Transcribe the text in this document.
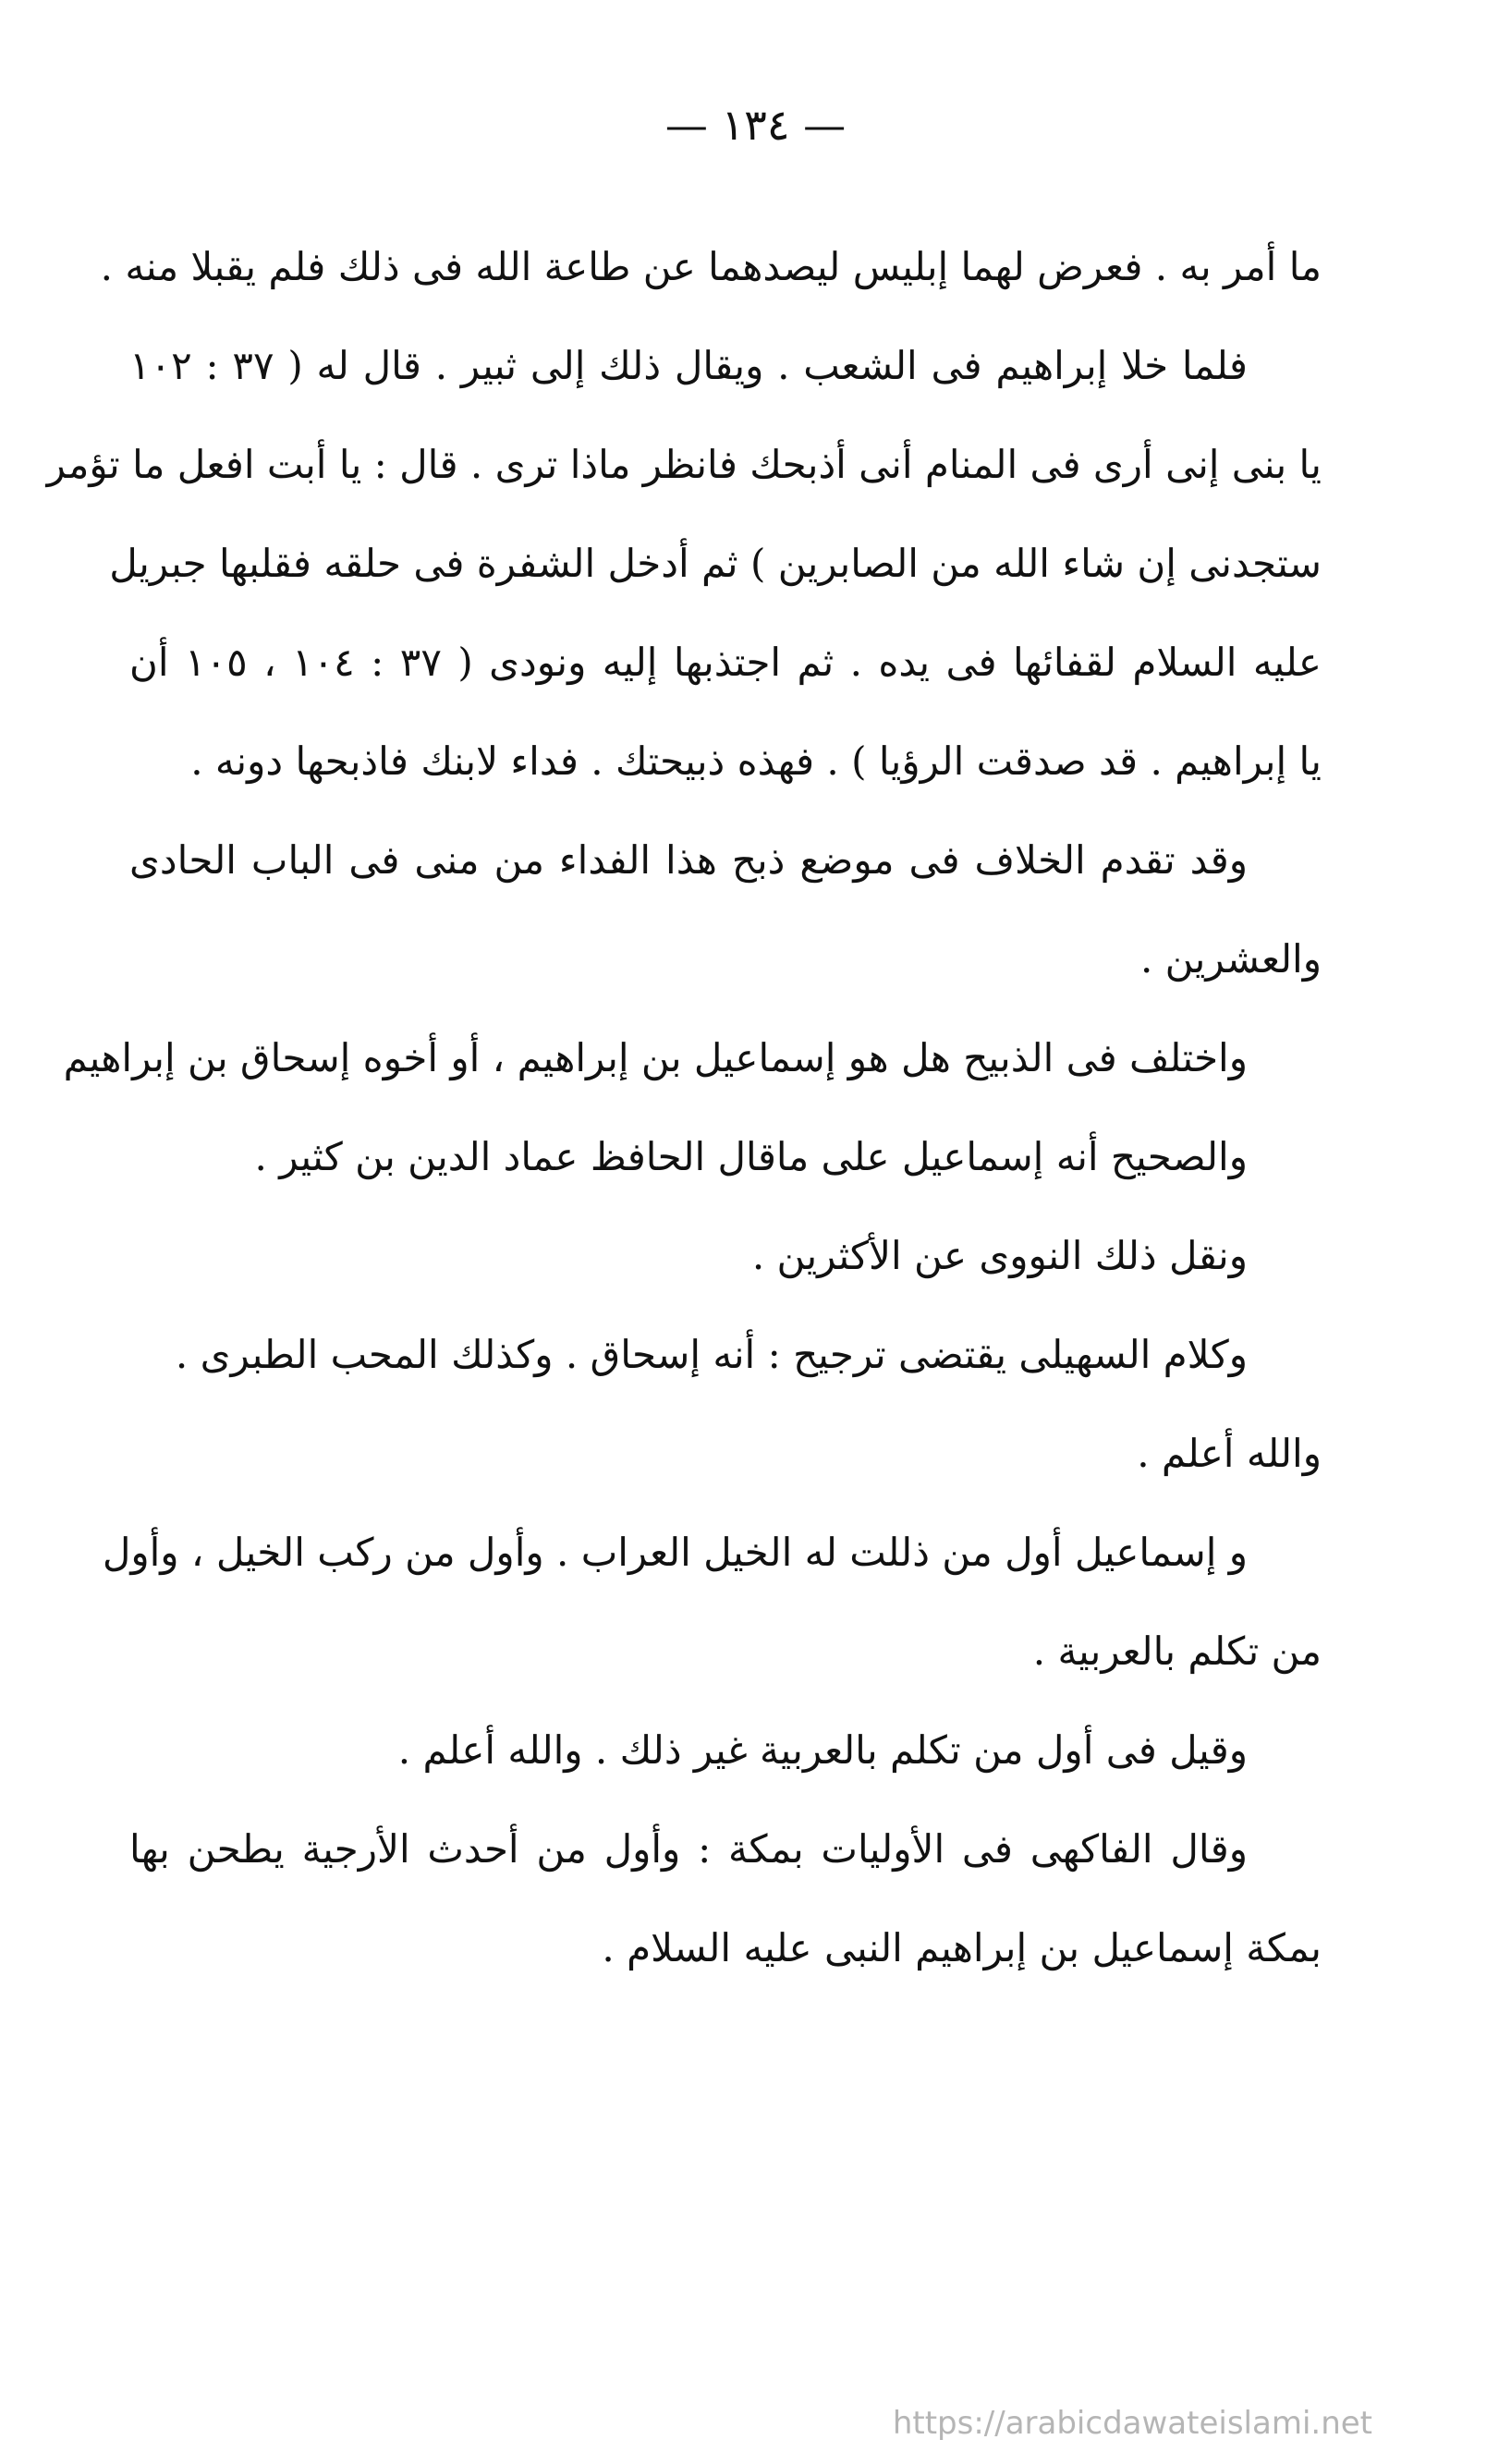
— ١٣٤ —
ما أمر به . فعرض لهما إبليس ليصدهما عن طاعة الله فى ذلك فلم يقبلا منه .
فلما خلا إبراهيم فى الشعب . ويقال ذلك إلى ثبير . قال له ( ٣٧ : ١٠٢
يا بنى إنى أرى فى المنام أنى أذبحك فانظر ماذا ترى . قال : يا أبت افعل ما تؤمر
ستجدنى إن شاء الله من الصابرين ) ثم أدخل الشفرة فى حلقه فقلبها جبريل
عليه السلام لقفائها فى يده . ثم اجتذبها إليه ونودى ( ٣٧ : ١٠٤ ، ١٠٥ أن
يا إبراهيم . قد صدقت الرؤيا ) . فهذه ذبيحتك . فداء لابنك فاذبحها دونه .
وقد تقدم الخلاف فى موضع ذبح هذا الفداء من منى فى الباب الحادى
والعشرين .
واختلف فى الذبيح هل هو إسماعيل بن إبراهيم ، أو أخوه إسحاق بن إبراهيم
والصحيح أنه إسماعيل على ماقال الحافظ عماد الدين بن كثير .
ونقل ذلك النووى عن الأكثرين .
وكلام السهيلى يقتضى ترجيح : أنه إسحاق . وكذلك المحب الطبرى .
والله أعلم .
و إسماعيل أول من ذللت له الخيل العراب . وأول من ركب الخيل ، وأول
من تكلم بالعربية .
وقيل فى أول من تكلم بالعربية غير ذلك . والله أعلم .
وقال الفاكهى فى الأوليات بمكة : وأول من أحدث الأرجية يطحن بها
بمكة إسماعيل بن إبراهيم النبى عليه السلام .
https://arabicdawateislami.net
